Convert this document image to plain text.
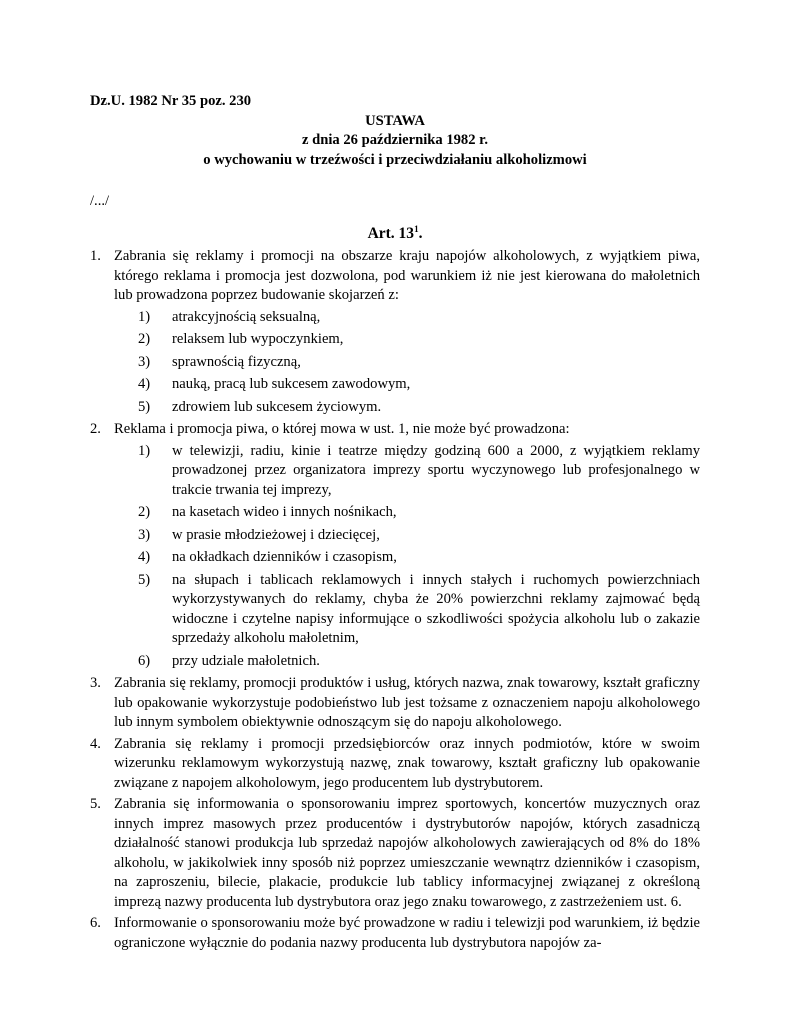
Dz.U. 1982 Nr 35 poz. 230

USTAWA

z dnia 26 października 1982 r.

o wychowaniu w trzeźwości i przeciwdziałaniu alkoholizmowi

/.../

Art. $13^1$.

1. Zabrania się reklamy i promocji na obszarze kraju napojów alkoholowych, z wyjątkiem piwa, którego reklama i promocja jest dozwolona, pod warunkiem iż nie jest kierowana do małoletnich lub prowadzona poprzez budowanie skojarzeń z:
1) atrakcyjnością seksualną,
2) relaksem lub wypoczynkiem,
3) sprawnością fizyczną,
4) nauką, pracą lub sukcesem zawodowym,
5) zdrowiem lub sukcesem życiowym.
2. Reklama i promocja piwa, o której mowa w ust. 1, nie może być prowadzona:
1) w telewizji, radiu, kinie i teatrze między godziną 600 a 2000, z wyjątkiem reklamy prowadzonej przez organizatora imprezy sportu wyczynowego lub profesjonalnego w trakcie trwania tej imprezy,
2) na kasetach wideo i innych nośnikach,
3) w prasie młodzieżowej i dziecięcej,
4) na okładkach dzienników i czasopism,
5) na słupach i tablicach reklamowych i innych stałych i ruchomych powierzchniach wykorzystywanych do reklamy, chyba że 20% powierzchni reklamy zajmować będą widoczne i czytelne napisy informujące o szkodliwości spożycia alkoholu lub o zakazie sprzedaży alkoholu małoletnim,
6) przy udziale małoletnich.
3. Zabrania się reklamy, promocji produktów i usług, których nazwa, znak towarowy, kształt graficzny lub opakowanie wykorzystuje podobieństwo lub jest tożsame z oznaczeniem napoju alkoholowego lub innym symbolem obiektywnie odnoszącym się do napoju alkoholowego.
4. Zabrania się reklamy i promocji przedsiębiorców oraz innych podmiotów, które w swoim wizerunku reklamowym wykorzystują nazwę, znak towarowy, kształt graficzny lub opakowanie związane z napojem alkoholowym, jego producentem lub dystrybutorem.
5. Zabrania się informowania o sponsorowaniu imprez sportowych, koncertów muzycznych oraz innych imprez masowych przez producentów i dystrybutorów napojów, których zasadniczą działalność stanowi produkcja lub sprzedaż napojów alkoholowych zawierających od 8% do 18% alkoholu, w jakikolwiek inny sposób niż poprzez umieszczanie wewnątrz dzienników i czasopism, na zaproszeniu, bilecie, plakacie, produkcie lub tablicy informacyjnej związanej z określoną imprezą nazwy producenta lub dystrybutora oraz jego znaku towarowego, z zastrzeżeniem ust. 6.
6. Informowanie o sponsorowaniu może być prowadzone w radiu i telewizji pod warunkiem, iż będzie ograniczone wyłącznie do podania nazwy producenta lub dystrybutora napojów za-
